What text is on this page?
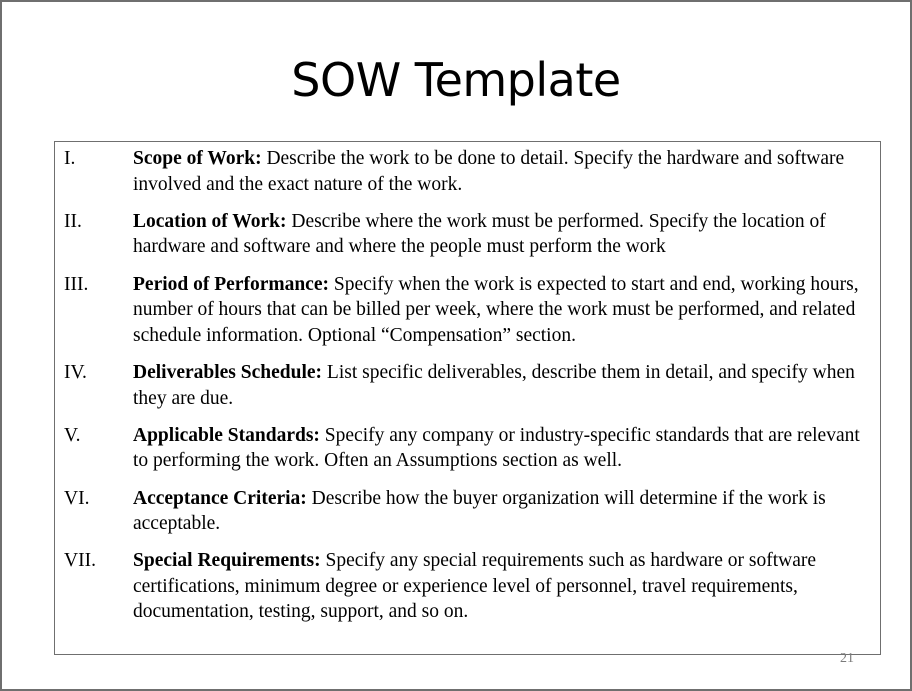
SOW Template
I.	Scope of Work: Describe the work to be done to detail. Specify the hardware and software involved and the exact nature of the work.
II.	Location of Work: Describe where the work must be performed. Specify the location of hardware and software and where the people must perform the work
III.	Period of Performance: Specify when the work is expected to start and end, working hours, number of hours that can be billed per week, where the work must be performed, and related schedule information. Optional “Compensation” section.
IV.	Deliverables Schedule: List specific deliverables, describe them in detail, and specify when they are due.
V.	Applicable Standards: Specify any company or industry-specific standards that are relevant to performing the work. Often an Assumptions section as well.
VI.	Acceptance Criteria: Describe how the buyer organization will determine if the work is acceptable.
VII.	Special Requirements: Specify any special requirements such as hardware or software certifications, minimum degree or experience level of personnel, travel requirements, documentation, testing, support, and so on.
21
